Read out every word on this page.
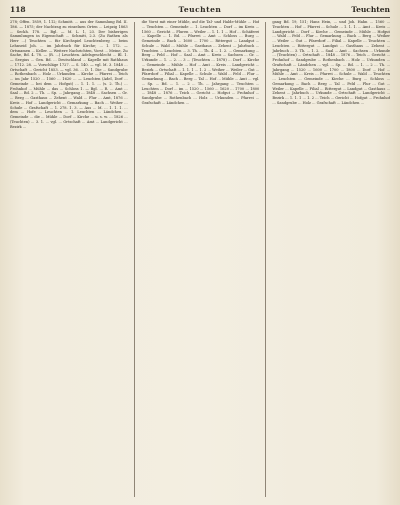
118	Teuchten	Teuchten

278; Offen. 1859, 1. 112; Schmitt. ... aus der Sammlung Bd. II. 186. — 1875; der Nachtrag zu einzelnen Orten ... Leipzig 1863 ... Seckh. 178. — Bgl. — M. L. 1, 23. Der bisherigen Sammlungen in Eigenschaft ... Schmitt, 2.3. (Zu Rathen als Herr ...) Teuchten ... für Kirchspiel Leuchtenberg ... beim Lehnseid Joh. ... im Jahrbuch für Kirche; ... 1. 172. — Ortsnamen ... Keller. — Weitere Nachrichten, Vorst ... Meine, Zu Sache, Bd. 4. 78. — (R. ...) Leuchten. Adelsgeschlecht ... Bl. 1. — Sergius ... Gen. Bd. ... Deutschland ... Kapelle mit Rathhaus ... 1712. 28. — Vorschläge 1727. — S. 140. — vgl. M. 3. 1848 ... Ortschaft ... Gericht 1853. — vgl. 36. ... D. 1. Die ... Sandgrube ... Rothenbach ... Holz ... Urkunden ... Kirche ... Pfarrei ... Teich ... im Jahr 1520 ... 1560 ... 1620 ... — Leuchten (Adel, Dorf ... Gemeinde ... bei dem ... Hofgut) ... 1. 1. 1. ... (s. 2. Th.) ... Frohnhof ... Mühle ... das ... Schloss 1. — Bgl. ... R. ... Amt ... Saal ... Bd. 2 ... Th. ... Sp. ... Jahrgang ... 1848 ... Sachsen ... Gr. ... Berg ... Gasthaus ... Zehent ... Wald ... Flur ... Amt, 1876 ... Kreis ... Hof ... Landgericht ... Gemarkung ... Bach ... Weiher ... Schule ... Grafschaft ... 1. 278. 1. 3. — Aus ... M. ... 1. 1. 1. ... dem ... Hofe ... Leuchten ... 1. Leuchten ... Ländchen ... Gemeinde ... die ... Mühle ... Dorf ... Kirche ... u. s. w. ... 1826 ... (Teuchten) ... 3. 1. ... vgl. ... Ortschaft ... Amt ... Landgericht ... Bezirk ...

die Vorst mit einer Mühle, auf die Tal- und Halde-Mühle ... Hof ... Teuchten ... Gemeinde ... 1. Leuchten ... Dorf ... im Kreis ... 1560 ... Gericht ... Fluren ... Weiler ... 1. 1. 1 ... Hof ... Schäferei ... Kapelle ... 1. Bd. ... Pfarrei ... Amt ... Schloss ... Burg ... Gemeinde ... Bach ... 1600 ... 1700 ... Rittergut ... Landgut ... Schule ... Wald ... Mühle ... Gasthaus ... Zehent ... Jahrbuch ... Teuchten ... Leuchten ... 3. Th. ... Th. 4 ... 1. 2. ... Gemarkung ... Berg ... Feld ... Hof ... Saal ... Amt ... Kreis ... Sachsen ... Gr. ... Urkunde ... 1. ... 2. ... 3 ... (Teuchten ... 1878) ... Dorf ... Kirche ... Gemeinde ... Mühle ... Hof ... Amt ... Kreis ... Landgericht ... Bezirk ... Ortschaft ... 1. 1. 1 ... 1. 2 ... Weiher ... Weiler ... Gut ... Pfarrdorf ... Filial ... Kapelle ... Schule ... Wald ... Feld ... Flur ... Gemarkung ... Bach ... Berg ... Tal ... Hof ... Mühle ... Amt ... vgl. ... Sp. ... Bd. ... 1. ... 2 ... Th. ... Jahrgang ... Teuchten ... Leuchten ... Dorf ... im ... 1520 ... 1560 ... 1620 ... 1700 ... 1800 ... 1848 ... 1876 ... Teich ... Gericht ... Hofgut ... Frohnhof ... Sandgrube ... Rothenbach ... Holz ... Urkunden ... Pfarrei ... Grafschaft ... Ländchen ...

gang Bd. 19, 151; Hans Hein, ... und Joh. Hahn ... 1560 ... Teuchten ... Hof ... Pfarrei ... Schule ... 1. 1. 1. ... Amt ... Kreis ... Landgericht ... Dorf ... Kirche ... Gemeinde ... Mühle ... Hofgut ... Wald ... Feld ... Flur ... Gemarkung ... Bach ... Berg ... Weiher ... Weiler ... Gut ... Pfarrdorf ... Filial ... Kapelle ... Teuchten ... Leuchten ... Rittergut ... Landgut ... Gasthaus ... Zehent ... Jahrbuch ... 3. Th. ... 1. 2. ... Saal ... Amt ... Sachsen ... Urkunde ... (Teuchten) ... Ortschaft ... 1848 ... 1876 ... Teich ... Gericht ... Frohnhof ... Sandgrube ... Rothenbach ... Holz ... Urkunden ... Grafschaft ... Ländchen ... vgl. ... Sp. ... Bd. ... 1. ... 2 ... Th. ... Jahrgang ... 1520 ... 1600 ... 1700 ... 1800 ... Dorf ... Hof ... Mühle ... Amt ... Kreis ... Pfarrei ... Schule ... Wald ... Teuchten ... Leuchten ... Gemeinde ... Kirche ... Burg ... Schloss ... Gemarkung ... Bach ... Berg ... Tal ... Feld ... Flur ... Gut ... Weiler ... Kapelle ... Filial ... Rittergut ... Landgut ... Gasthaus ... Zehent ... Jahrbuch ... Urkunde ... Ortschaft ... Landgericht ... Bezirk ... 1. 1. 1 ... 1. 2 ... Teich ... Gericht ... Hofgut ... Frohnhof ... Sandgrube ... Holz ... Grafschaft ... Ländchen ...
